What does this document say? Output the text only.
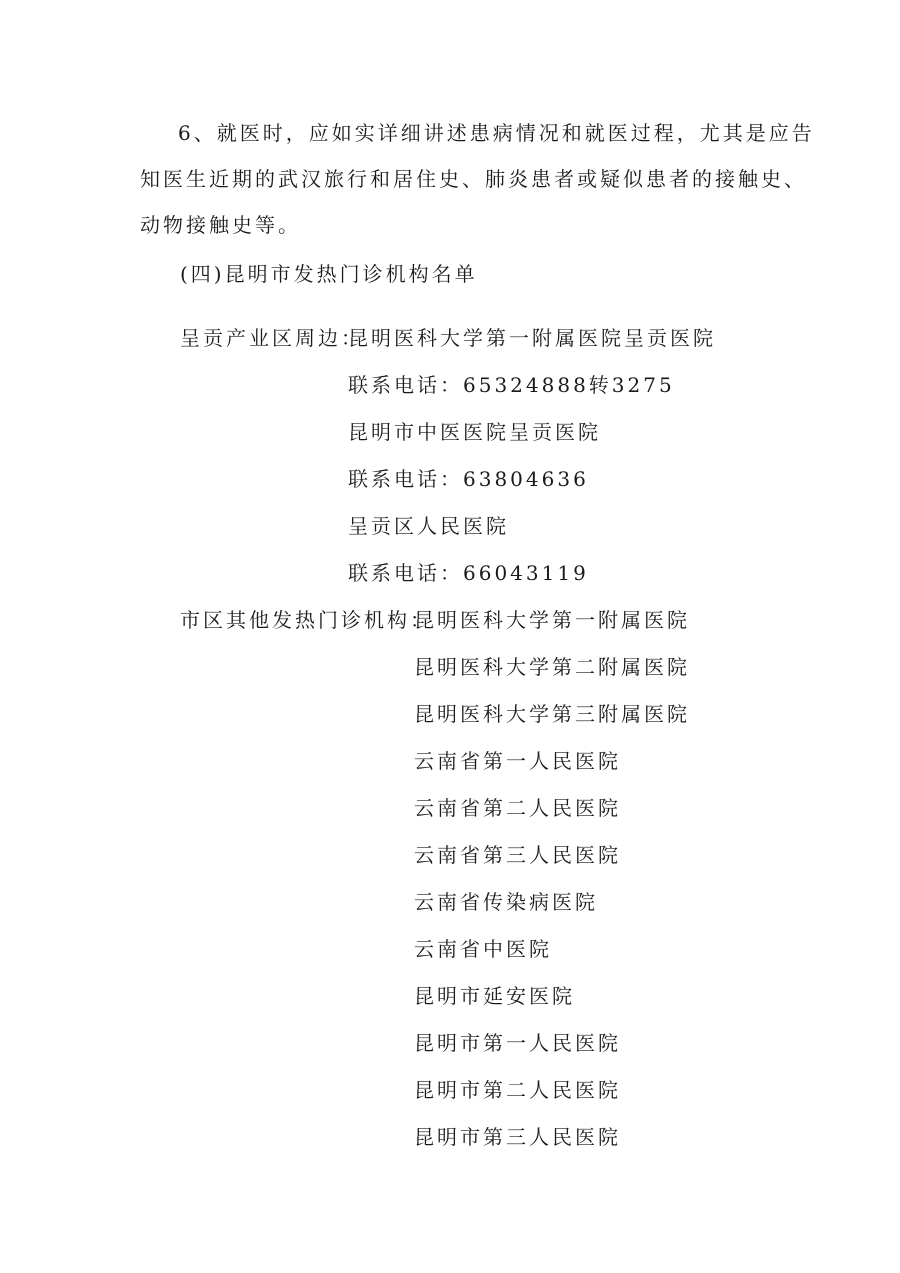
6、就医时，应如实详细讲述患病情况和就医过程，尤其是应告
知医生近期的武汉旅行和居住史、肺炎患者或疑似患者的接触史、
动物接触史等。
(四)昆明市发热门诊机构名单
呈贡产业区周边：
昆明医科大学第一附属医院呈贡医院
联系电话：65324888转3275
昆明市中医医院呈贡医院
联系电话：63804636
呈贡区人民医院
联系电话：66043119
市区其他发热门诊机构：
昆明医科大学第一附属医院
昆明医科大学第二附属医院
昆明医科大学第三附属医院
云南省第一人民医院
云南省第二人民医院
云南省第三人民医院
云南省传染病医院
云南省中医院
昆明市延安医院
昆明市第一人民医院
昆明市第二人民医院
昆明市第三人民医院
